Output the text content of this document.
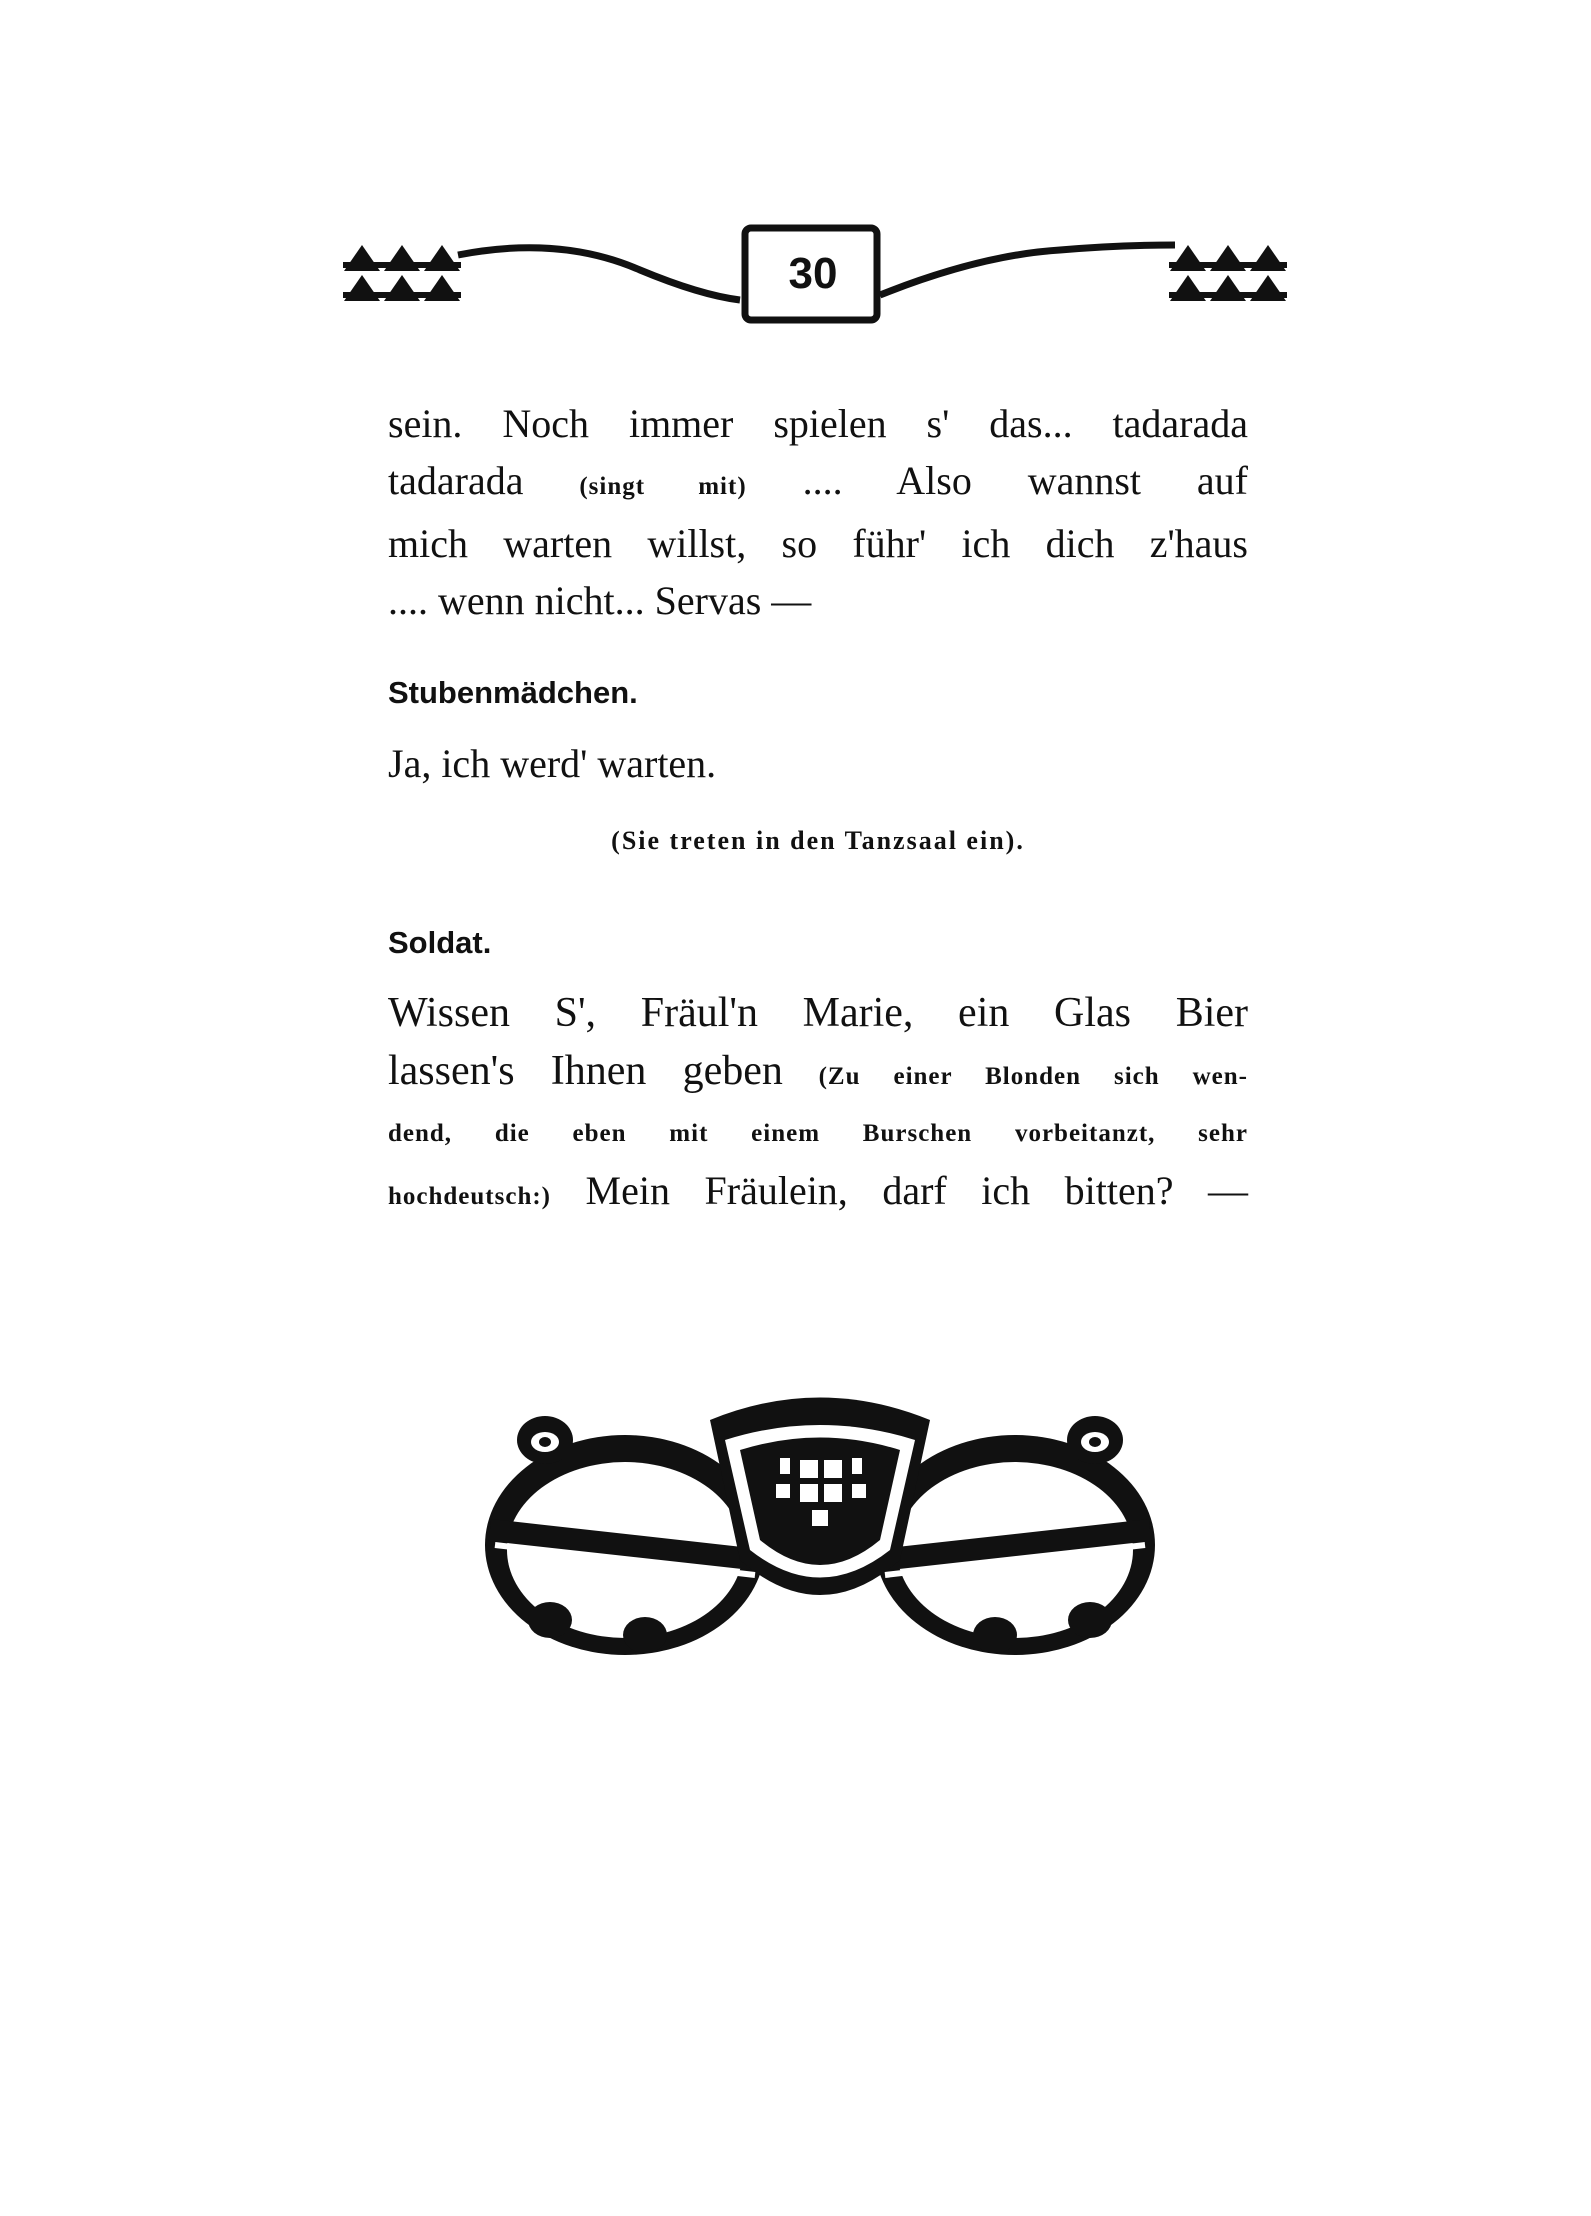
30
sein. Noch immer spielen s' das... tadarada
tadarada (singt mit) .... Also wannst auf
mich warten willst, so führ' ich dich z'haus
.... wenn nicht... Servas —
Stubenmädchen.
Ja, ich werd' warten.
(Sie treten in den Tanzsaal ein).
Soldat.
Wissen S', Fräul'n Marie, ein Glas Bier
lassen's Ihnen geben (Zu einer Blonden sich wen-
dend, die eben mit einem Burschen vorbeitanzt, sehr
hochdeutsch:) Mein Fräulein, darf ich bitten? —
